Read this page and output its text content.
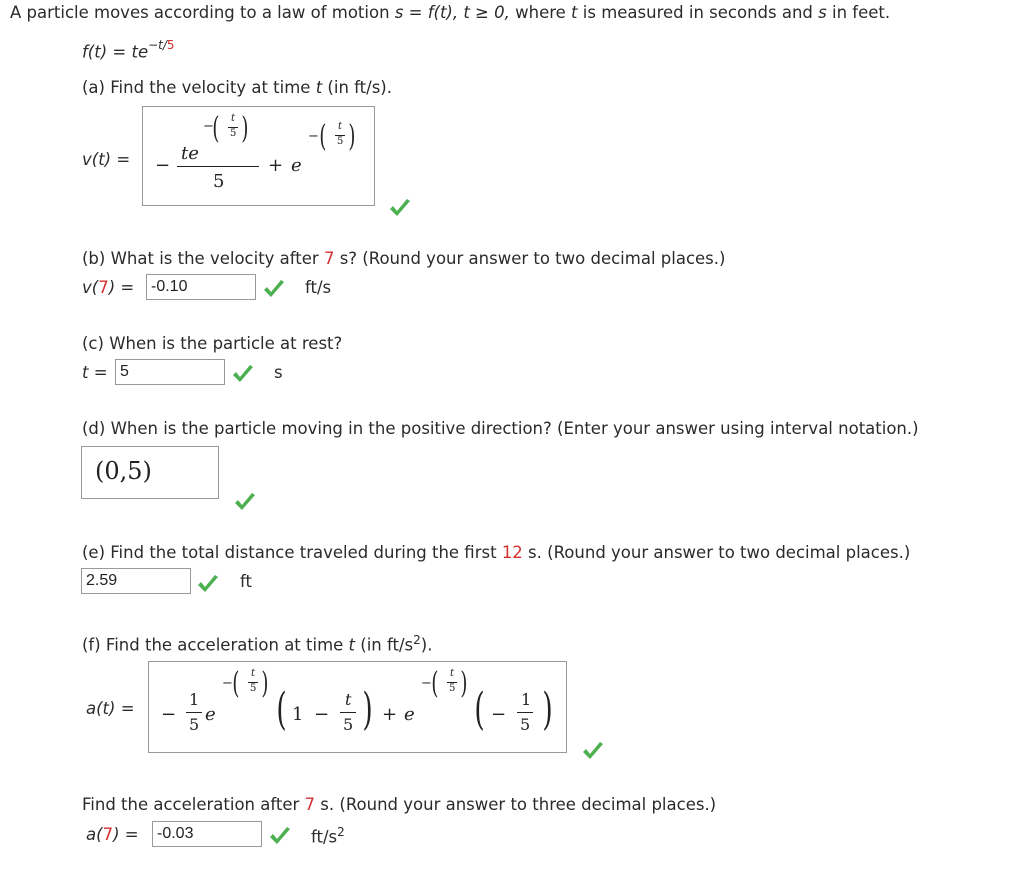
A particle moves according to a law of motion s = f(t), t ≥ 0, where t is measured in seconds and s in feet.
$f(t) = te^{-t/5}$
(a) Find the velocity at time t (in ft/s).
v(t) = −
te
−
( t
5 )
5
+ e
− ( t
5 )
(b) What is the velocity after 7 s? (Round your answer to two decimal places.)
v(7) =	-0.10	ft/s
(c) When is the particle at rest?
t = 5	s
(d) When is the particle moving in the positive direction? (Enter your answer using interval notation.)
(0,5)
(e) Find the total distance traveled during the first 12 s. (Round your answer to two decimal places.)
2.59	ft
(f) Find the acceleration at time t (in $ft/s^2$).
a(t) = −
1
5 e
− ( t
5 )
( 1 −
t
5 ) + e
− ( t
5 )
( −
1
5 )
Find the acceleration after 7 s. (Round your answer to three decimal places.)
a(7) =	-0.03	$ft/s^2$
